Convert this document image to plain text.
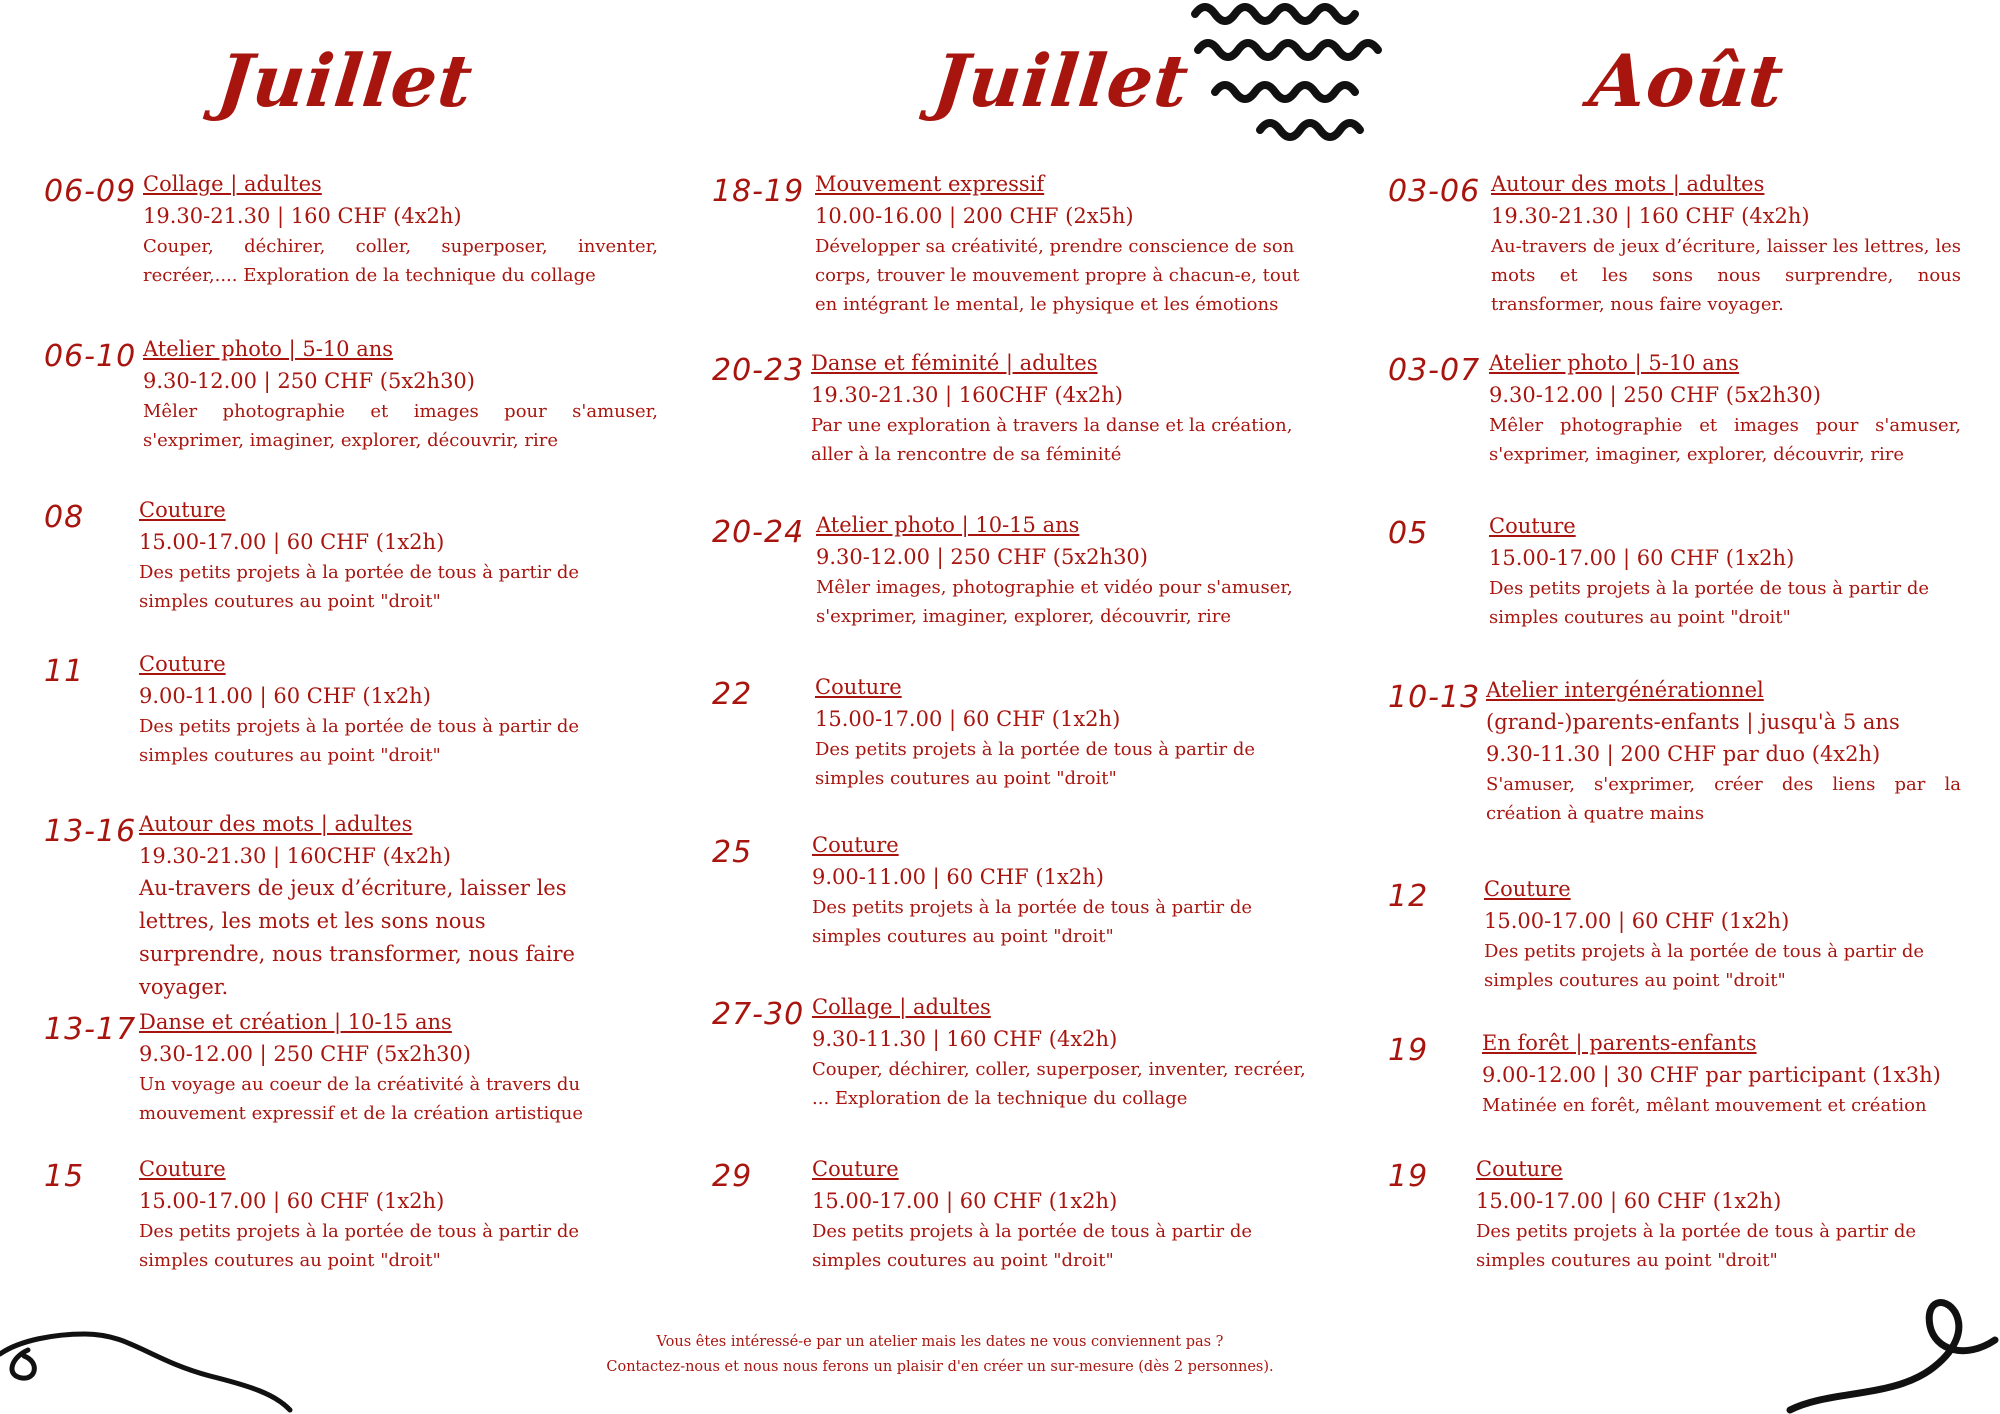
Juillet	Juillet	Août
06-09 Collage | adultes
19.30-21.30 | 160 CHF (4x2h)
Couper, déchirer, coller, superposer, inventer, recréer,.... Exploration de la technique du collage
06-10 Atelier photo | 5-10 ans
9.30-12.00 | 250 CHF (5x2h30)
Mêler photographie et images pour s'amuser, s'exprimer, imaginer, explorer, découvrir, rire
08	Couture
15.00-17.00 | 60 CHF (1x2h)
Des petits projets à la portée de tous à partir de simples coutures au point "droit"
11	Couture
9.00-11.00 | 60 CHF (1x2h)
Des petits projets à la portée de tous à partir de simples coutures au point "droit"
13-16 Autour des mots | adultes
19.30-21.30 | 160CHF (4x2h)
Au-travers de jeux d’écriture, laisser les lettres, les mots et les sons nous surprendre, nous transformer, nous faire voyager.
13-17 Danse et création | 10-15 ans
9.30-12.00 | 250 CHF (5x2h30)
Un voyage au coeur de la créativité à travers du mouvement expressif et de la création artistique
15	Couture
15.00-17.00 | 60 CHF (1x2h)
Des petits projets à la portée de tous à partir de simples coutures au point "droit"
18-19 Mouvement expressif
10.00-16.00 | 200 CHF (2x5h)
Développer sa créativité, prendre conscience de son corps, trouver le mouvement propre à chacun-e, tout en intégrant le mental, le physique et les émotions
20-23 Danse et féminité | adultes
19.30-21.30 | 160CHF (4x2h)
Par une exploration à travers la danse et la création, aller à la rencontre de sa féminité
20-24 Atelier photo | 10-15 ans
9.30-12.00 | 250 CHF (5x2h30)
Mêler images, photographie et vidéo pour s'amuser, s'exprimer, imaginer, explorer, découvrir, rire
22	Couture
15.00-17.00 | 60 CHF (1x2h)
Des petits projets à la portée de tous à partir de simples coutures au point "droit"
25	Couture
9.00-11.00 | 60 CHF (1x2h)
Des petits projets à la portée de tous à partir de simples coutures au point "droit"
27-30 Collage | adultes
9.30-11.30 | 160 CHF (4x2h)
Couper, déchirer, coller, superposer, inventer, recréer, ... Exploration de la technique du collage
29	Couture
15.00-17.00 | 60 CHF (1x2h)
Des petits projets à la portée de tous à partir de simples coutures au point "droit"
03-06 Autour des mots | adultes
19.30-21.30 | 160 CHF (4x2h)
Au-travers de jeux d’écriture, laisser les lettres, les mots et les sons nous surprendre, nous transformer, nous faire voyager.
03-07 Atelier photo | 5-10 ans
9.30-12.00 | 250 CHF (5x2h30)
Mêler photographie et images pour s'amuser, s'exprimer, imaginer, explorer, découvrir, rire
05	Couture
15.00-17.00 | 60 CHF (1x2h)
Des petits projets à la portée de tous à partir de simples coutures au point "droit"
10-13 Atelier intergénérationnel
(grand-)parents-enfants | jusqu'à 5 ans
9.30-11.30 | 200 CHF par duo (4x2h)
S'amuser, s'exprimer, créer des liens par la création à quatre mains
12	Couture
15.00-17.00 | 60 CHF (1x2h)
Des petits projets à la portée de tous à partir de simples coutures au point "droit"
19	En forêt | parents-enfants
9.00-12.00 | 30 CHF par participant (1x3h)
Matinée en forêt, mêlant mouvement et création
19 Couture
15.00-17.00 | 60 CHF (1x2h)
Des petits projets à la portée de tous à partir de simples coutures au point "droit"
Vous êtes intéressé-e par un atelier mais les dates ne vous conviennent pas ?
Contactez-nous et nous nous ferons un plaisir d'en créer un sur-mesure (dès 2 personnes).
